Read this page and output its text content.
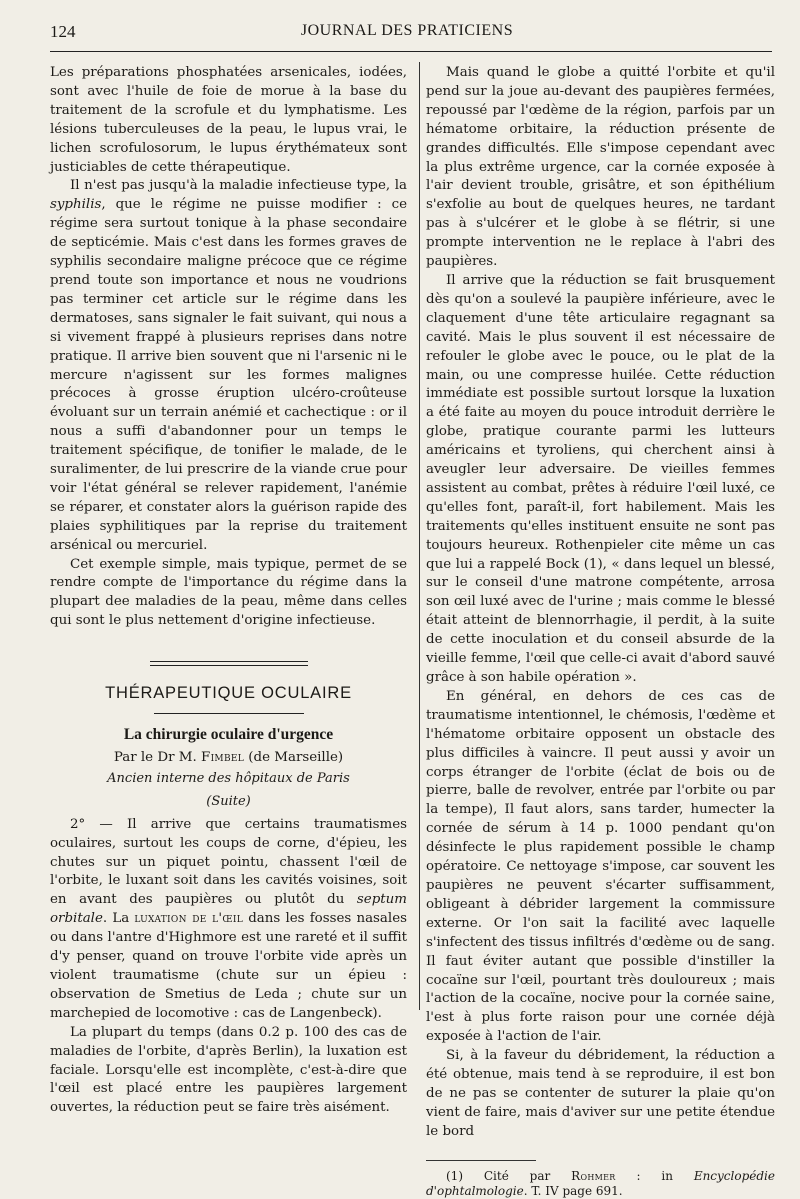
124	JOURNAL DES PRATICIENS

Les préparations phosphatées arsenicales, iodées, sont avec l'huile de foie de morue à la base du traitement de la scrofule et du lymphatisme. Les lésions tuberculeuses de la peau, le lupus vrai, le lichen scrofulosorum, le lupus érythémateux sont justiciables de cette thérapeutique.

Il n'est pas jusqu'à la maladie infectieuse type, la syphilis, que le régime ne puisse modifier : ce régime sera surtout tonique à la phase secondaire de septicémie. Mais c'est dans les formes graves de syphilis secondaire maligne précoce que ce régime prend toute son importance et nous ne voudrions pas terminer cet article sur le régime dans les dermatoses, sans signaler le fait suivant, qui nous a si vivement frappé à plusieurs reprises dans notre pratique. Il arrive bien souvent que ni l'arsenic ni le mercure n'agissent sur les formes malignes précoces à grosse éruption ulcéro-croûteuse évoluant sur un terrain anémié et cachectique : or il nous a suffi d'abandonner pour un temps le traitement spécifique, de tonifier le malade, de le suralimenter, de lui prescrire de la viande crue pour voir l'état général se relever rapidement, l'anémie se réparer, et constater alors la guérison rapide des plaies syphilitiques par la reprise du traitement arsénical ou mercuriel.

Cet exemple simple, mais typique, permet de se rendre compte de l'importance du régime dans la plupart dee maladies de la peau, même dans celles qui sont le plus nettement d'origine infectieuse.

THÉRAPEUTIQUE OCULAIRE
La chirurgie oculaire d'urgence
Par le Dr M. Fimbel (de Marseille)
Ancien interne des hôpitaux de Paris
(Suite)

2° — Il arrive que certains traumatismes oculaires, surtout les coups de corne, d'épieu, les chutes sur un piquet pointu, chassent l'œil de l'orbite, le luxant soit dans les cavités voisines, soit en avant des paupières ou plutôt du septum orbitale. La luxation de l'œil dans les fosses nasales ou dans l'antre d'Highmore est une rareté et il suffit d'y penser, quand on trouve l'orbite vide après un violent traumatisme (chute sur un épieu : observation de Smetius de Leda ; chute sur un marchepied de locomotive : cas de Langenbeck).

La plupart du temps (dans 0.2 p. 100 des cas de maladies de l'orbite, d'après Berlin), la luxation est faciale. Lorsqu'elle est incomplète, c'est-à-dire que l'œil est placé entre les paupières largement ouvertes, la réduction peut se faire très aisément.

Mais quand le globe a quitté l'orbite et qu'il pend sur la joue au-devant des paupières fermées, repoussé par l'œdème de la région, parfois par un hématome orbitaire, la réduction présente de grandes difficultés. Elle s'impose cependant avec la plus extrême urgence, car la cornée exposée à l'air devient trouble, grisâtre, et son épithélium s'exfolie au bout de quelques heures, ne tardant pas à s'ulcérer et le globe à se flétrir, si une prompte intervention ne le replace à l'abri des paupières.

Il arrive que la réduction se fait brusquement dès qu'on a soulevé la paupière inférieure, avec le claquement d'une tête articulaire regagnant sa cavité. Mais le plus souvent il est nécessaire de refouler le globe avec le pouce, ou le plat de la main, ou une compresse huilée. Cette réduction immédiate est possible surtout lorsque la luxation a été faite au moyen du pouce introduit derrière le globe, pratique courante parmi les lutteurs américains et tyroliens, qui cherchent ainsi à aveugler leur adversaire. De vieilles femmes assistent au combat, prêtes à réduire l'œil luxé, ce qu'elles font, paraît-il, fort habilement. Mais les traitements qu'elles instituent ensuite ne sont pas toujours heureux. Rothenpieler cite même un cas que lui a rappelé Bock (1), « dans lequel un blessé, sur le conseil d'une matrone compétente, arrosa son œil luxé avec de l'urine ; mais comme le blessé était atteint de blennorrhagie, il perdit, à la suite de cette inoculation et du conseil absurde de la vieille femme, l'œil que celle-ci avait d'abord sauvé grâce à son habile opération ».

En général, en dehors de ces cas de traumatisme intentionnel, le chémosis, l'œdème et l'hématome orbitaire opposent un obstacle des plus difficiles à vaincre. Il peut aussi y avoir un corps étranger de l'orbite (éclat de bois ou de pierre, balle de revolver, entrée par l'orbite ou par la tempe), Il faut alors, sans tarder, humecter la cornée de sérum à 14 p. 1000 pendant qu'on désinfecte le plus rapidement possible le champ opératoire. Ce nettoyage s'impose, car souvent les paupières ne peuvent s'écarter suffisamment, obligeant à débrider largement la commissure externe. Or l'on sait la facilité avec laquelle s'infectent des tissus infiltrés d'œdème ou de sang. Il faut éviter autant que possible d'instiller la cocaïne sur l'œil, pourtant très douloureux ; mais l'action de la cocaïne, nocive pour la cornée saine, l'est à plus forte raison pour une cornée déjà exposée à l'action de l'air.

Si, à la faveur du débridement, la réduction a été obtenue, mais tend à se reproduire, il est bon de ne pas se contenter de suturer la plaie qu'on vient de faire, mais d'aviver sur une petite étendue le bord

(1) Cité par Rohmer : in Encyclopédie d'ophtalmologie. T. IV page 691.
